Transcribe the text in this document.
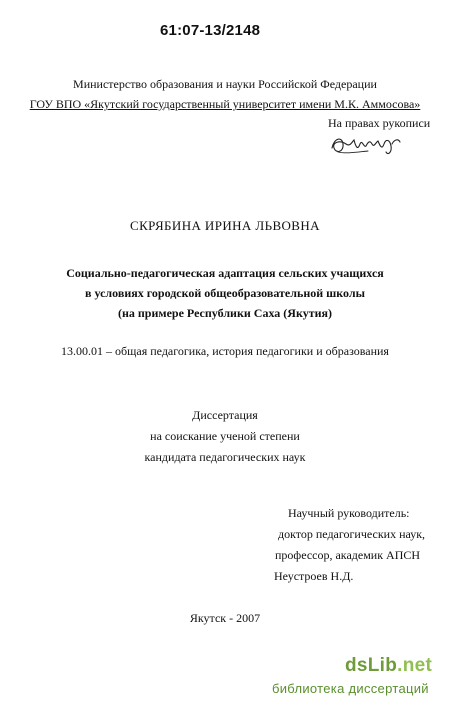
61:07-13/2148
Министерство образования и науки Российской Федерации
ГОУ ВПО «Якутский государственный университет имени М.К. Аммосова»
На правах рукописи
СКРЯБИНА ИРИНА ЛЬВОВНА
Социально-педагогическая адаптация сельских учащихся
в условиях городской общеобразовательной школы
(на примере Республики Саха (Якутия)
13.00.01 – общая педагогика, история педагогики и образования
Диссертация
на соискание ученой степени
кандидата педагогических наук
Научный руководитель:
доктор педагогических наук,
профессор, академик АПСН
Неустроев Н.Д.
Якутск - 2007
dsLib.net
библиотека диссертаций
